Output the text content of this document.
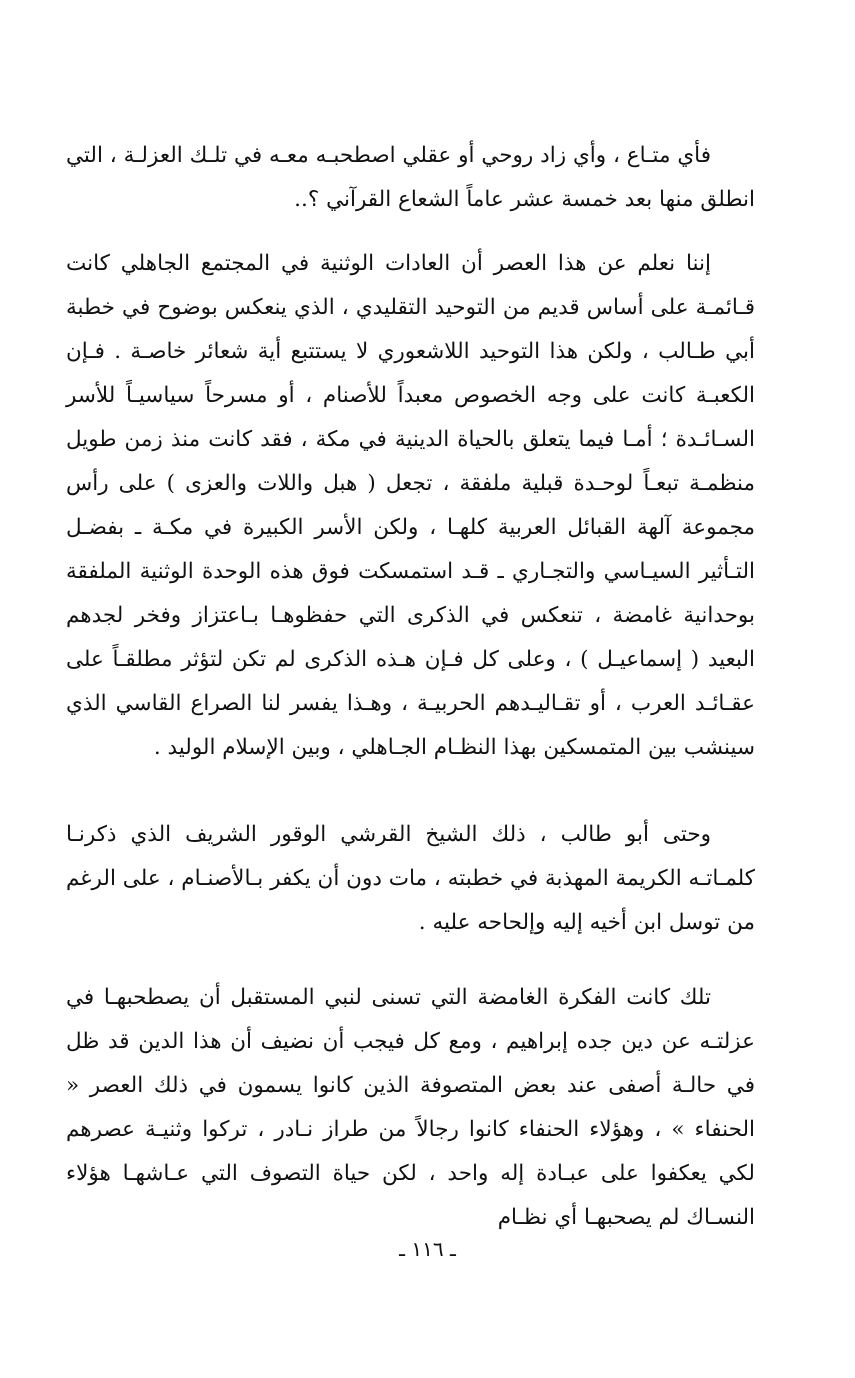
فأي متـاع ، وأي زاد روحي أو عقلي اصطحبـه معـه في تلـك العزلـة ، التي انطلق منها بعد خمسة عشر عاماً الشعاع القرآني ؟..

إننا نعلم عن هذا العصر أن العادات الوثنية في المجتمع الجاهلي كانت قـائمـة على أساس قديم من التوحيد التقليدي ، الذي ينعكس بوضوح في خطبة أبي طـالب ، ولكن هذا التوحيد اللاشعوري لا يستتبع أية شعائر خاصـة . فـإن الكعبـة كانت على وجه الخصوص معبداً للأصنام ، أو مسرحاً سياسيـاً للأسر السـائـدة ؛ أمـا فيما يتعلق بالحياة الدينية في مكة ، فقد كانت منذ زمن طويل منظمـة تبعـاً لوحـدة قبلية ملفقة ، تجعل ( هبل واللات والعزى ) على رأس مجموعة آلهة القبائل العربية كلهـا ، ولكن الأسر الكبيرة في مكـة ـ بفضـل التـأثير السيـاسي والتجـاري ـ قـد استمسكت فوق هذه الوحدة الوثنية الملفقة بوحدانية غامضة ، تنعكس في الذكرى التي حفظوهـا بـاعتزاز وفخر لجدهم البعيد ( إسماعيـل ) ، وعلى كل فـإن هـذه الذكرى لم تكن لتؤثر مطلقـاً على عقـائـد العرب ، أو تقـاليـدهم الحربيـة ، وهـذا يفسر لنا الصراع القاسي الذي سينشب بين المتمسكين بهذا النظـام الجـاهلي ، وبين الإسلام الوليد .

وحتى أبو طالب ، ذلك الشيخ القرشي الوقور الشريف الذي ذكرنـا كلمـاتـه الكريمة المهذبة في خطبته ، مات دون أن يكفر بـالأصنـام ، على الرغم من توسل ابن أخيه إليه وإلحاحه عليه .

تلك كانت الفكرة الغامضة التي تسنى لنبي المستقبل أن يصطحبهـا في عزلتـه عن دين جده إبراهيم ، ومع كل فيجب أن نضيف أن هذا الدين قد ظل في حالـة أصفى عند بعض المتصوفة الذين كانوا يسمون في ذلك العصر « الحنفاء » ، وهؤلاء الحنفاء كانوا رجالاً من طراز نـادر ، تركوا وثنيـة عصرهم لكي يعكفوا على عبـادة إله واحد ، لكن حياة التصوف التي عـاشهـا هؤلاء النسـاك لم يصحبهـا أي نظـام

ـ ١١٦ ـ
